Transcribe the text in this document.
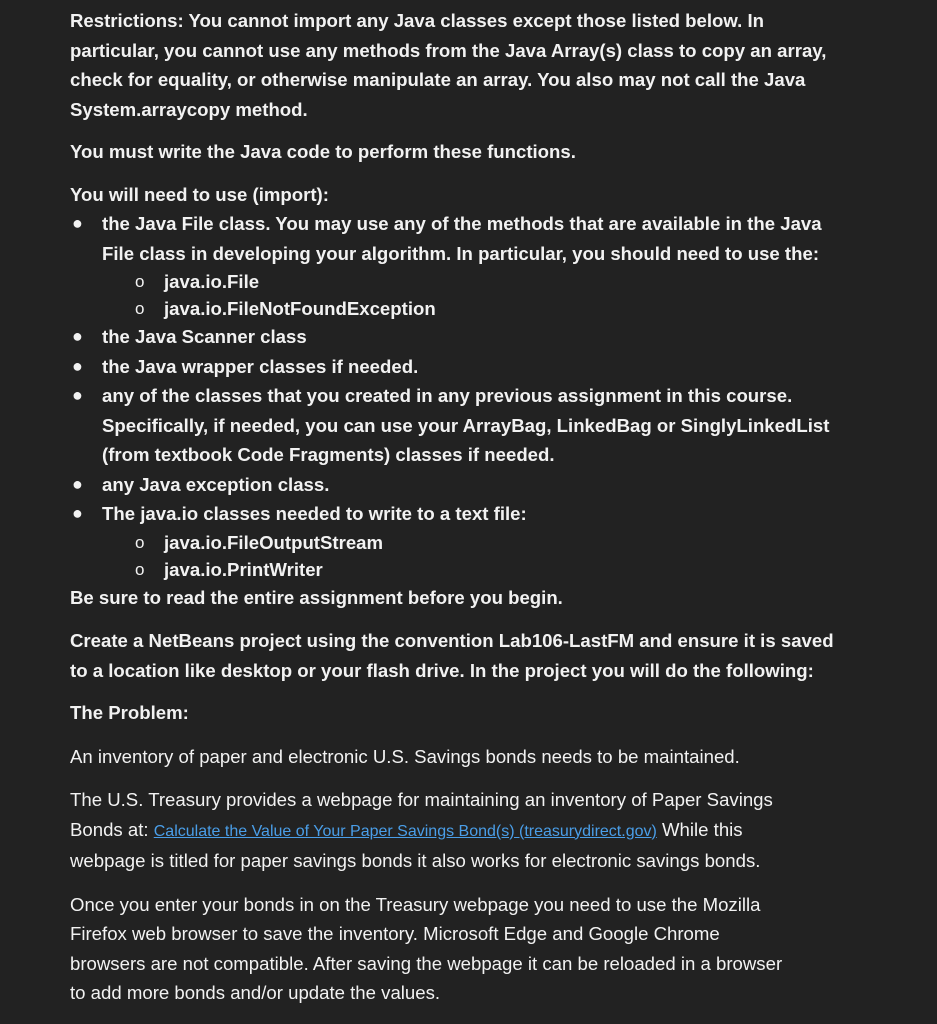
Restrictions: You cannot import any Java classes except those listed below. In
particular, you cannot use any methods from the Java Array(s) class to copy an array,
check for equality, or otherwise manipulate an array. You also may not call the Java
System.arraycopy method.

You must write the Java code to perform these functions.

You will need to use (import):

● the Java File class. You may use any of the methods that are available in the Java
File class in developing your algorithm. In particular, you should need to use the:
o java.io.File
o java.io.FileNotFoundException
● the Java Scanner class
● the Java wrapper classes if needed.
● any of the classes that you created in any previous assignment in this course.
Specifically, if needed, you can use your ArrayBag, LinkedBag or SinglyLinkedList
(from textbook Code Fragments) classes if needed.
● any Java exception class.
● The java.io classes needed to write to a text file:
o java.io.FileOutputStream
o java.io.PrintWriter

Be sure to read the entire assignment before you begin.

Create a NetBeans project using the convention Lab106-LastFM and ensure it is saved
to a location like desktop or your flash drive. In the project you will do the following:

The Problem:

An inventory of paper and electronic U.S. Savings bonds needs to be maintained.

The U.S. Treasury provides a webpage for maintaining an inventory of Paper Savings
Bonds at: Calculate the Value of Your Paper Savings Bond(s) (treasurydirect.gov) While this
webpage is titled for paper savings bonds it also works for electronic savings bonds.

Once you enter your bonds in on the Treasury webpage you need to use the Mozilla
Firefox web browser to save the inventory. Microsoft Edge and Google Chrome
browsers are not compatible. After saving the webpage it can be reloaded in a browser
to add more bonds and/or update the values.
